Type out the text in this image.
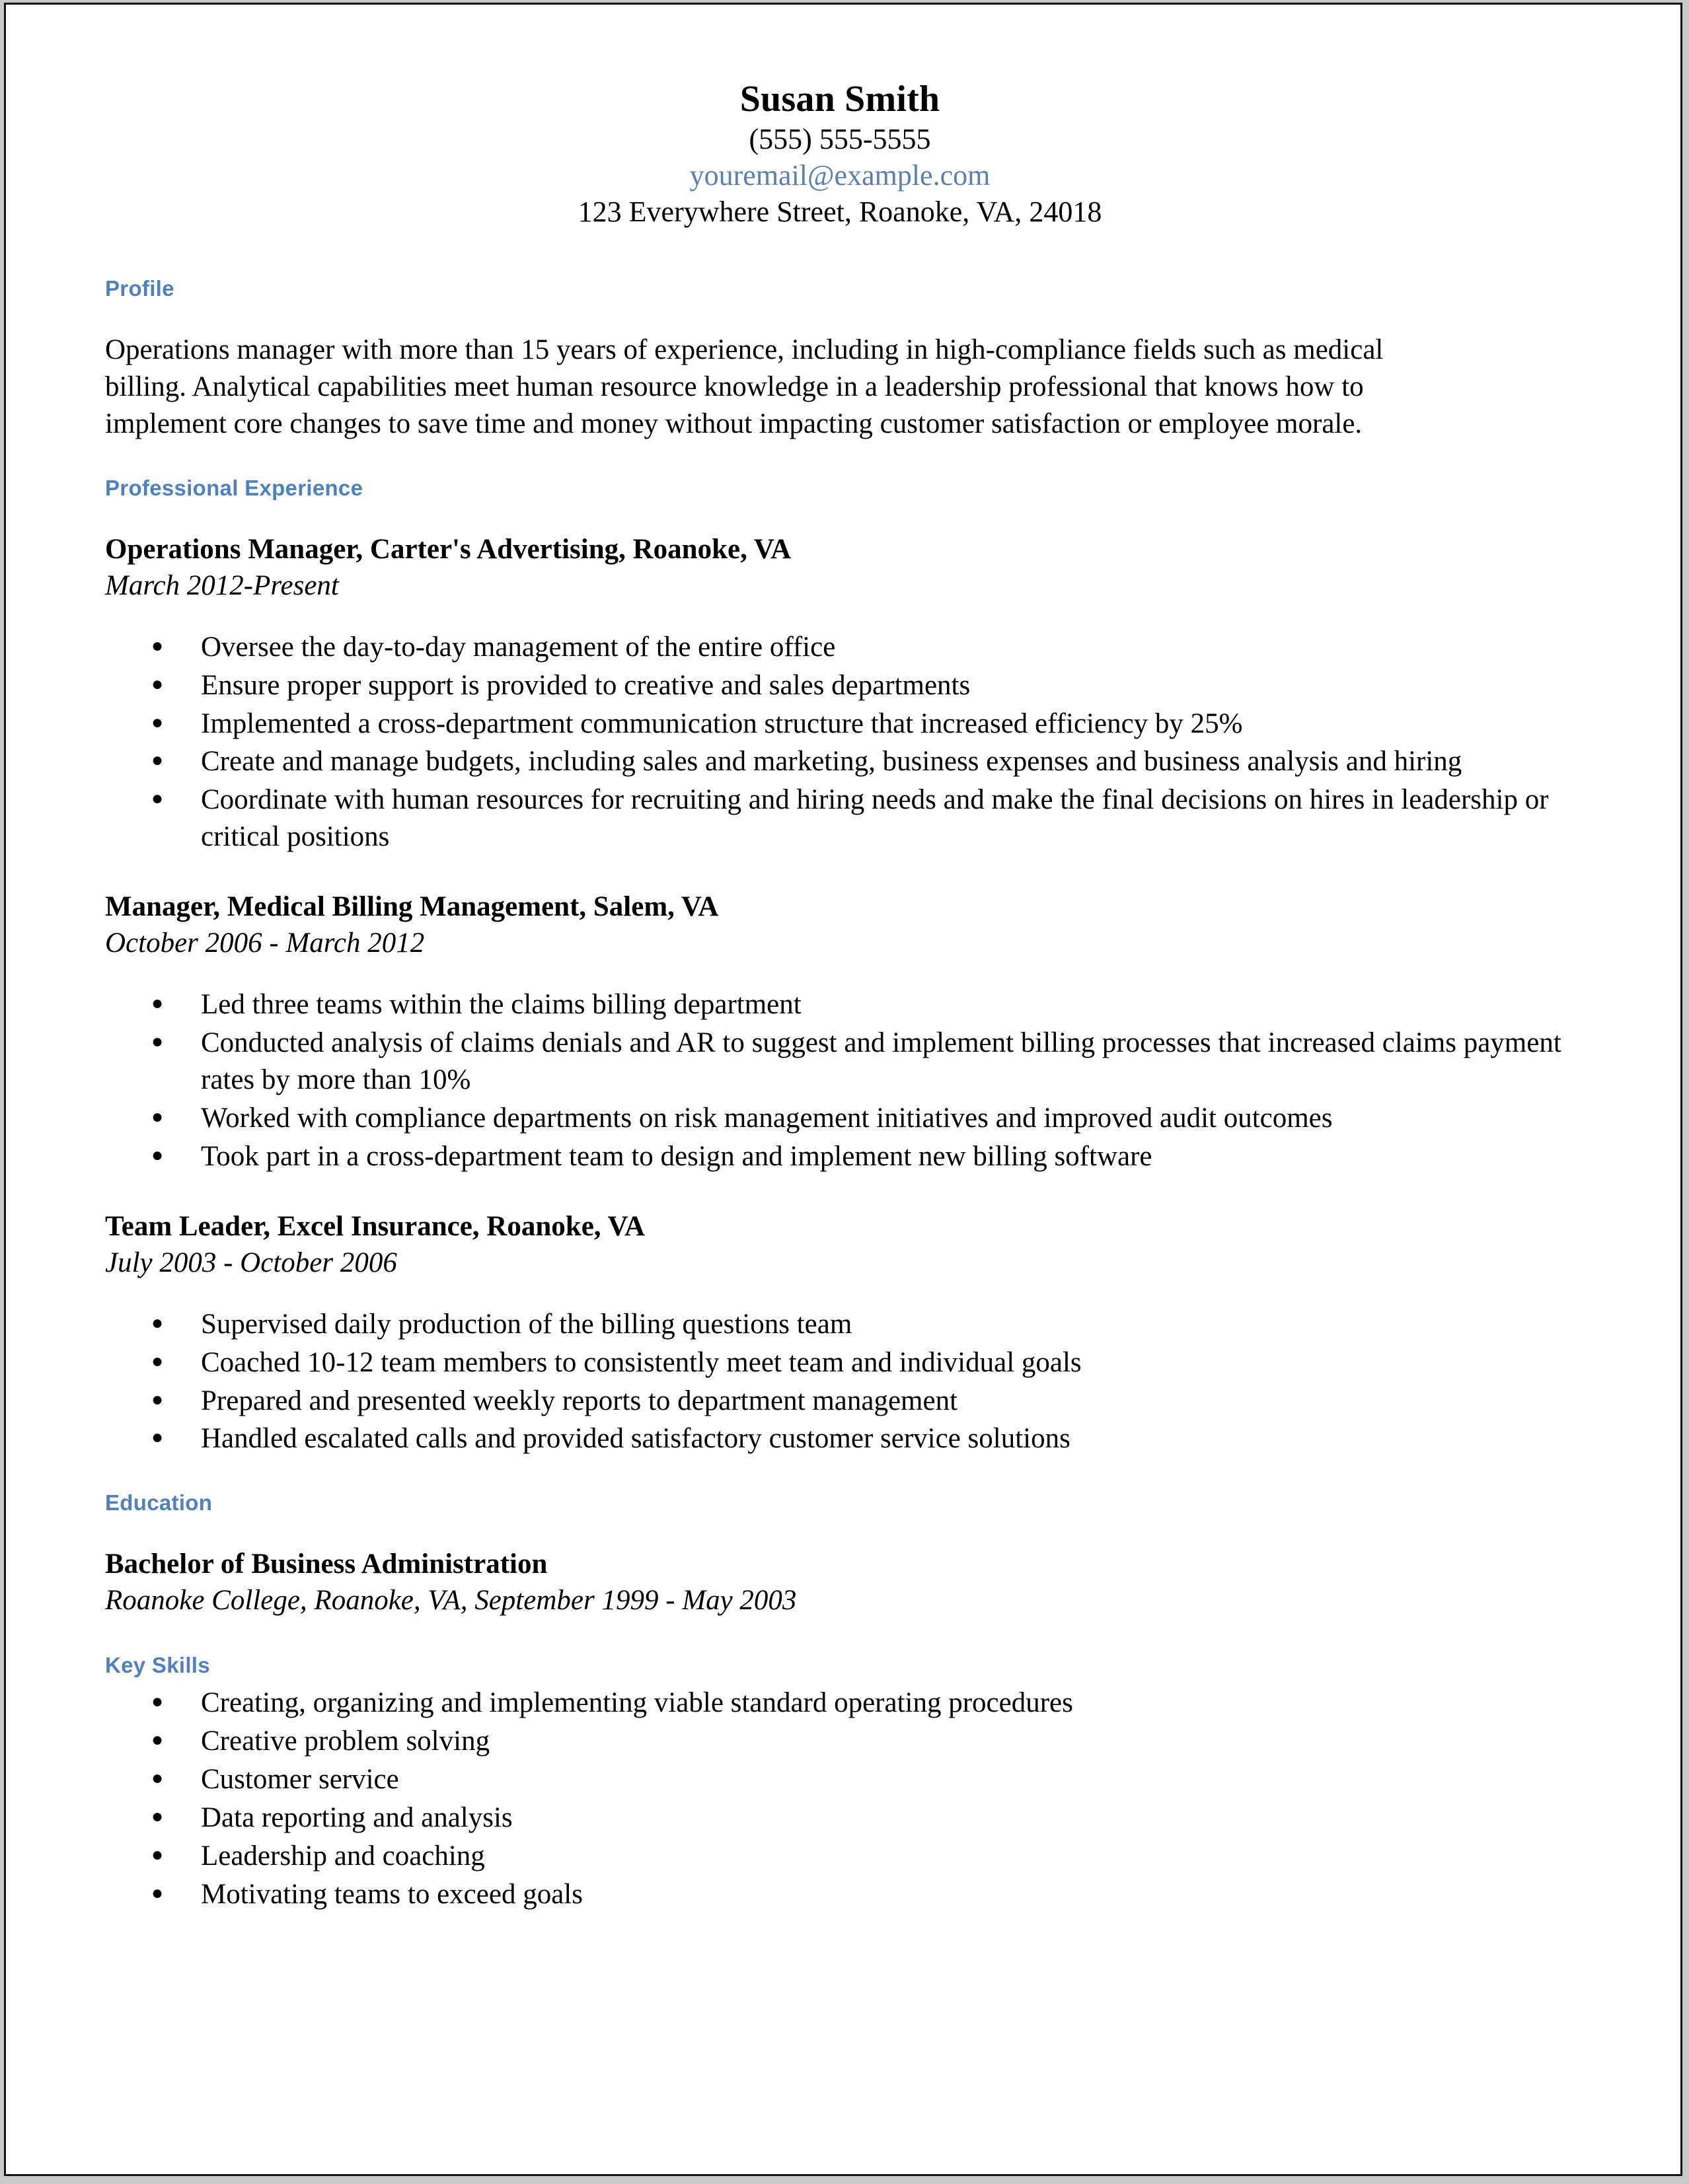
Susan Smith
(555) 555-5555
youremail@example.com
123 Everywhere Street, Roanoke, VA, 24018
Profile

Operations manager with more than 15 years of experience, including in high-compliance fields such as medical billing. Analytical capabilities meet human resource knowledge in a leadership professional that knows how to implement core changes to save time and money without impacting customer satisfaction or employee morale.

Professional Experience

Operations Manager, Carter's Advertising, Roanoke, VA

March 2012-Present

● Oversee the day-to-day management of the entire office
● Ensure proper support is provided to creative and sales departments
● Implemented a cross-department communication structure that increased efficiency by 25%
● Create and manage budgets, including sales and marketing, business expenses and business analysis and hiring
● Coordinate with human resources for recruiting and hiring needs and make the final decisions on hires in leadership or critical positions

Manager, Medical Billing Management, Salem, VA

October 2006 - March 2012

● Led three teams within the claims billing department
● Conducted analysis of claims denials and AR to suggest and implement billing processes that increased claims payment rates by more than 10%
● Worked with compliance departments on risk management initiatives and improved audit outcomes
● Took part in a cross-department team to design and implement new billing software

Team Leader, Excel Insurance, Roanoke, VA

July 2003 - October 2006

● Supervised daily production of the billing questions team
● Coached 10-12 team members to consistently meet team and individual goals
● Prepared and presented weekly reports to department management
● Handled escalated calls and provided satisfactory customer service solutions
Education

Bachelor of Business Administration

Roanoke College, Roanoke, VA, September 1999 - May 2003

Key Skills
● Creating, organizing and implementing viable standard operating procedures
● Creative problem solving
● Customer service
● Data reporting and analysis
● Leadership and coaching
● Motivating teams to exceed goals
